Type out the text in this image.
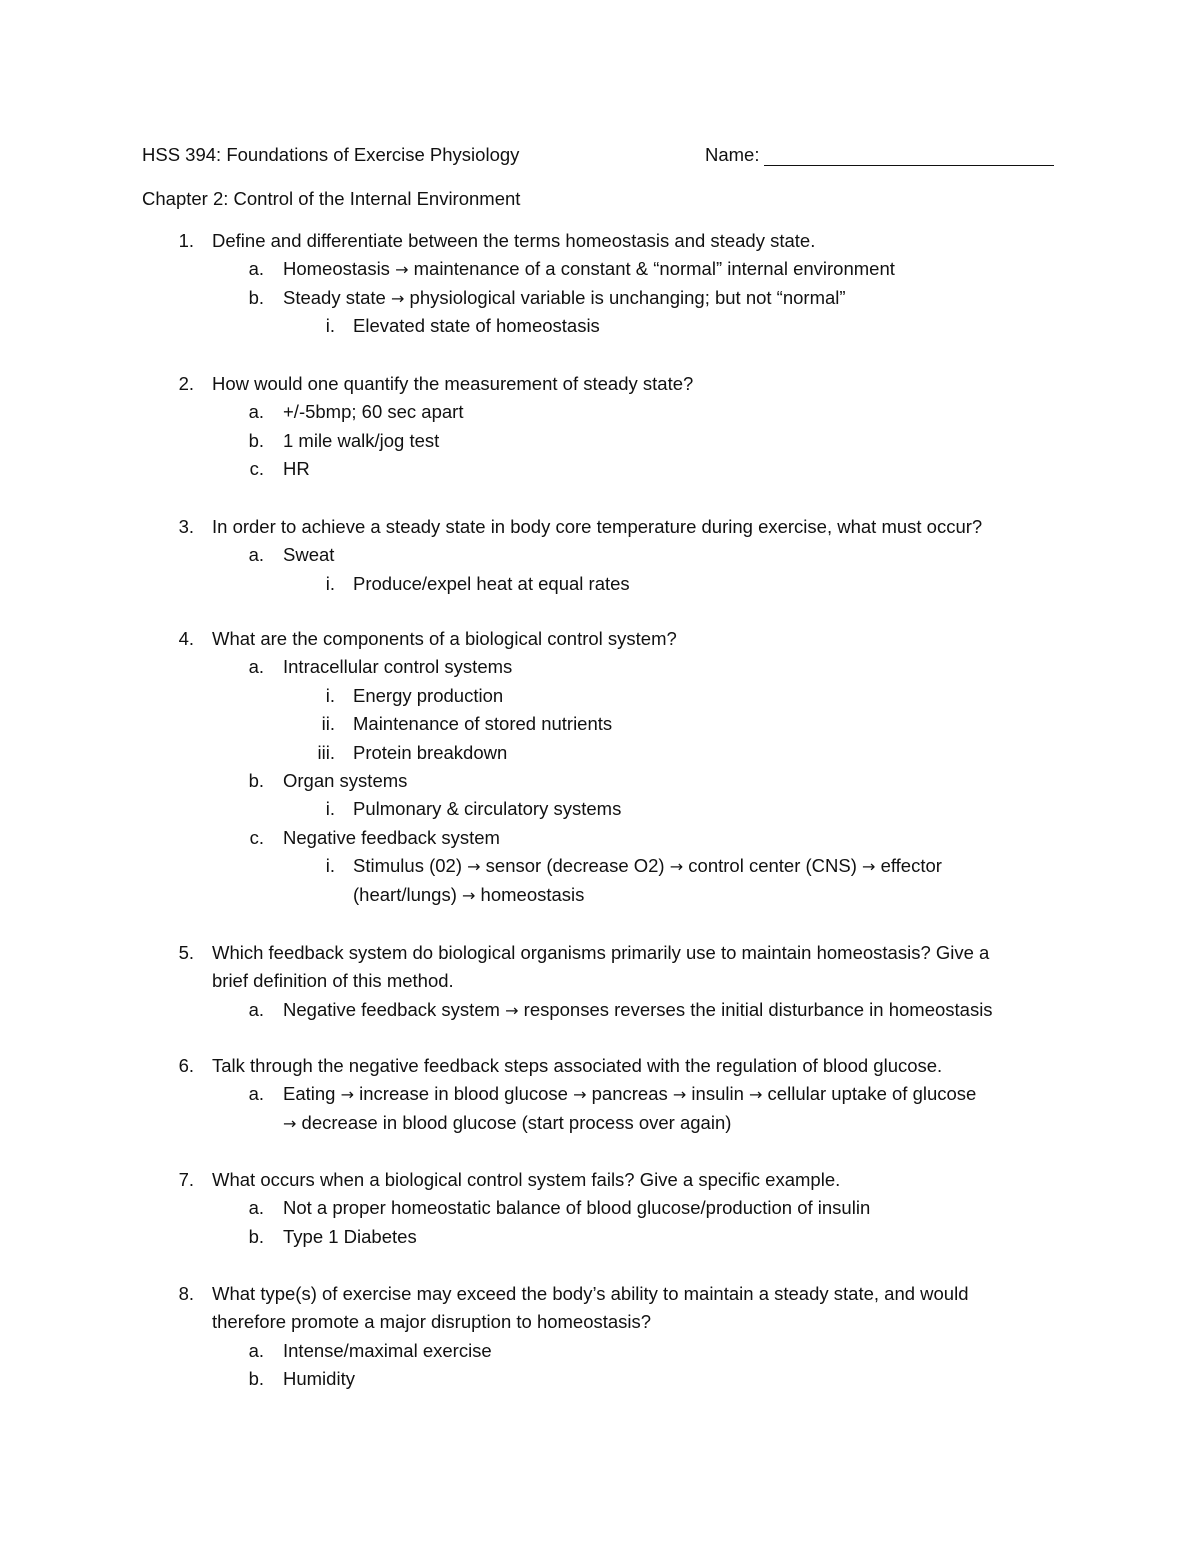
HSS 394: Foundations of Exercise Physiology	Name:
Chapter 2: Control of the Internal Environment
1. Define and differentiate between the terms homeostasis and steady state.
a. Homeostasis → maintenance of a constant & “normal” internal environment
b. Steady state → physiological variable is unchanging; but not “normal”
i. Elevated state of homeostasis
2. How would one quantify the measurement of steady state?
a. +/-5bmp; 60 sec apart
b. 1 mile walk/jog test
c. HR
3. In order to achieve a steady state in body core temperature during exercise, what must occur?
a. Sweat
i. Produce/expel heat at equal rates
4. What are the components of a biological control system?
a. Intracellular control systems
i. Energy production
ii. Maintenance of stored nutrients
iii. Protein breakdown
b. Organ systems
i. Pulmonary & circulatory systems
c. Negative feedback system
i. Stimulus (02) → sensor (decrease O2) → control center (CNS) → effector
(heart/lungs) → homeostasis
5. Which feedback system do biological organisms primarily use to maintain homeostasis? Give a
brief definition of this method.
a. Negative feedback system → responses reverses the initial disturbance in homeostasis
6. Talk through the negative feedback steps associated with the regulation of blood glucose.
a. Eating → increase in blood glucose → pancreas → insulin → cellular uptake of glucose
→ decrease in blood glucose (start process over again)
7. What occurs when a biological control system fails? Give a specific example.
a. Not a proper homeostatic balance of blood glucose/production of insulin
b. Type 1 Diabetes
8. What type(s) of exercise may exceed the body’s ability to maintain a steady state, and would
therefore promote a major disruption to homeostasis?
a. Intense/maximal exercise
b. Humidity
